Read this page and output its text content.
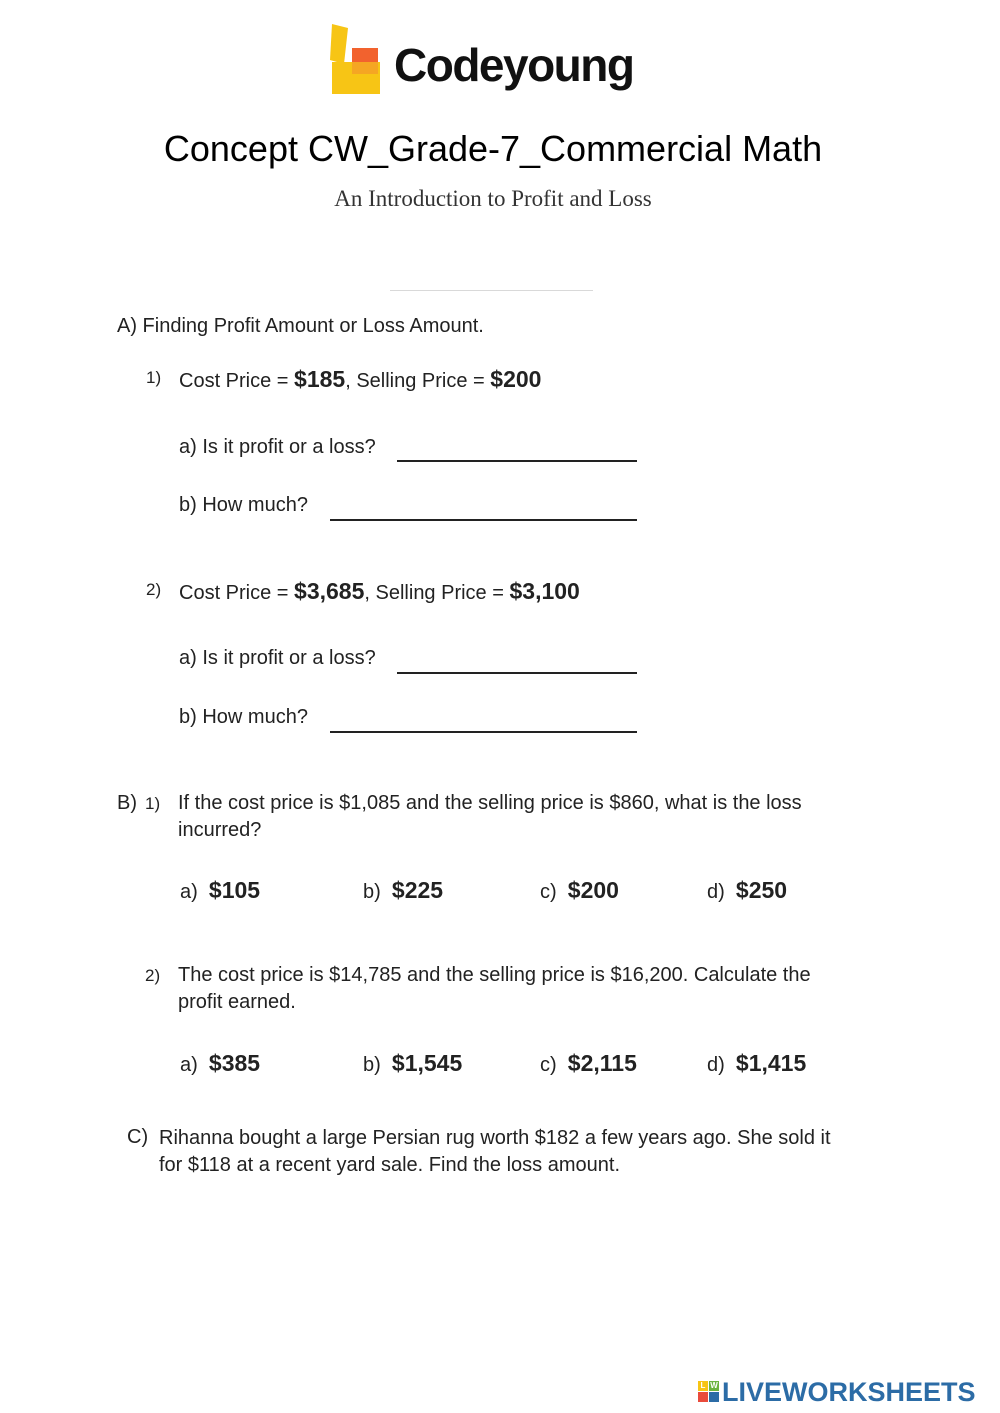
Codeyoung
Concept CW_Grade-7_Commercial Math
An Introduction to Profit and Loss
A) Finding Profit Amount or Loss Amount.
1) Cost Price = $185, Selling Price = $200
a) Is it profit or a loss?
b) How much?
2) Cost Price = $3,685, Selling Price = $3,100
a) Is it profit or a loss?
b) How much?
B) 1) If the cost price is $1,085 and the selling price is $860, what is the loss incurred?
a) $105	b) $225	c) $200	d) $250
2) The cost price is $14,785 and the selling price is $16,200. Calculate the profit earned.
a) $385	b) $1,545	c) $2,115	d) $1,415
C) Rihanna bought a large Persian rug worth $182 a few years ago. She sold it for $118 at a recent yard sale. Find the loss amount.
L W LIVEWORKSHEETS
